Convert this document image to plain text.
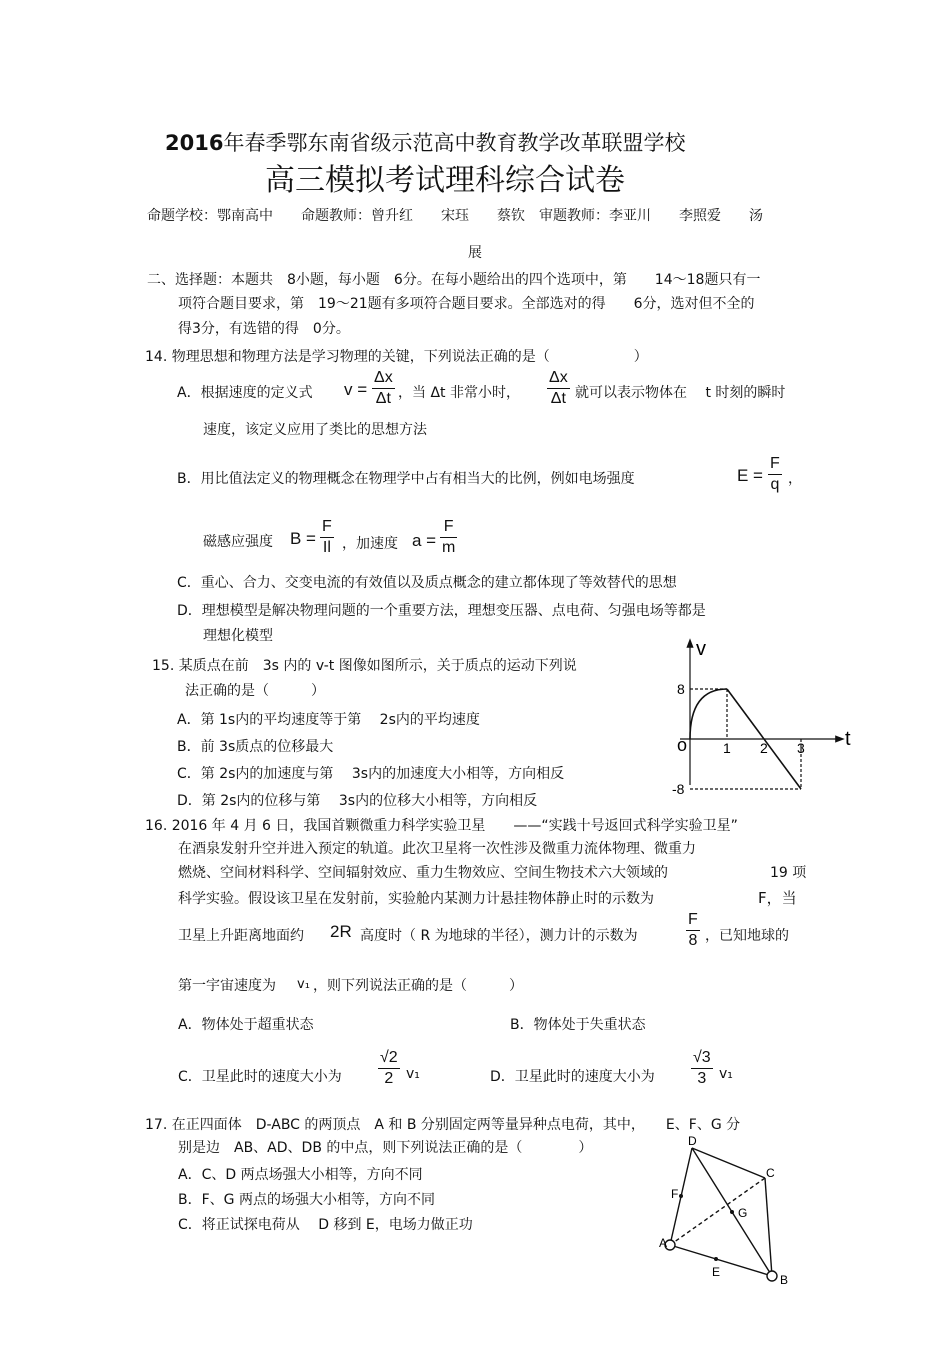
2016年春季鄂东南省级示范高中教育教学改革联盟学校
高三模拟考试理科综合试卷
命题学校：鄂南高中　　命题教师：曾升红　　宋珏　　蔡钦　审题教师：李亚川　　李照爱　　汤
展
二、选择题：本题共　8小题，每小题　6分。在每小题给出的四个选项中，第　　14～18题只有一
项符合题目要求，第　19～21题有多项符合题目要求。全部选对的得　　6分，选对但不全的
得3分，有选错的得　0分。
14. 物理思想和物理方法是学习物理的关键，下列说法正确的是（　　　　　　）
A．根据速度的定义式 $v = \frac{\Delta x}{\Delta t}$ ，当 Δt 非常小时， $\frac{\Delta x}{\Delta t}$ 就可以表示物体在　 t 时刻的瞬时
速度，该定义应用了类比的思想方法
B．用比值法定义的物理概念在物理学中占有相当大的比例，例如电场强度	$E = \frac{F}{q}$ ，
磁感应强度 $B = \frac{F}{Il}$ ，加速度 $a = \frac{F}{m}$
C．重心、合力、交变电流的有效值以及质点概念的建立都体现了等效替代的思想
D．理想模型是解决物理问题的一个重要方法，理想变压器、点电荷、匀强电场等都是
理想化模型
15. 某质点在前　3s 内的 v-t 图像如图所示，关于质点的运动下列说
法正确的是（　　　）
A．第 1s内的平均速度等于第　 2s内的平均速度
B．前 3s质点的位移最大
C．第 2s内的加速度与第　 3s内的加速度大小相等，方向相反
D．第 2s内的位移与第　 3s内的位移大小相等，方向相反
v
t
o	1 2 3
8
-8
16. 2016 年 4 月 6 日，我国首颗微重力科学实验卫星　　——“实践十号返回式科学实验卫星”
在酒泉发射升空并进入预定的轨道。此次卫星将一次性涉及微重力流体物理、微重力
燃烧、空间材料科学、空间辐射效应、重力生物效应、空间生物技术六大领域的	19 项
科学实验。假设该卫星在发射前，实验舱内某测力计悬挂物体静止时的示数为	F，当
卫星上升距离地面约 2R 高度时（ R 为地球的半径），测力计的示数为	$\frac{F}{8}$ ，已知地球的
第一宇宙速度为 v₁ ，则下列说法正确的是（　　　）
A．物体处于超重状态	B．物体处于失重状态
C．卫星此时的速度大小为 $\frac{√2}{2} v_1$	D．卫星此时的速度大小为 $\frac{√3}{3} v_1$
17. 在正四面体　D-ABC 的两顶点　A 和 B 分别固定两等量异种点电荷，其中，　　E、F、G 分
别是边　AB、AD、DB 的中点，则下列说法正确的是（　　　　）
A．C、D 两点场强大小相等，方向不同
B．F、G 两点的场强大小相等，方向不同
C．将正试探电荷从　 D 移到 E，电场力做正功
D
C
F
G
A
E
B
